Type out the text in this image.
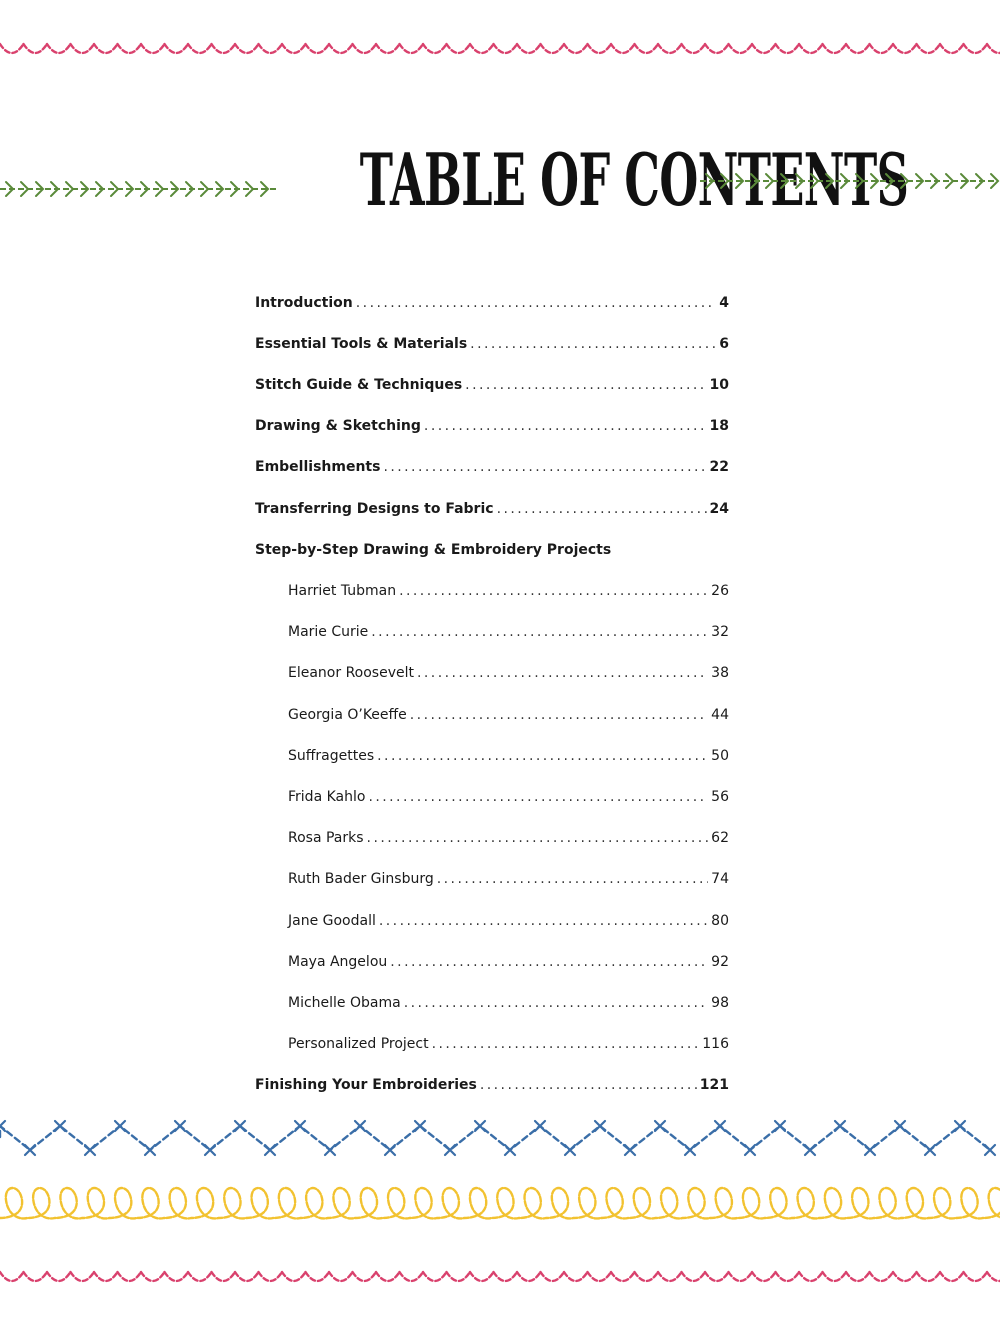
TABLE OF CONTENTS
Introduction . . .	4
Essential Tools & Materials . . .	6
Stitch Guide & Techniques . . .	10
Drawing & Sketching . . .	18
Embellishments . . .	22
Transferring Designs to Fabric . . .	24
Step-by-Step Drawing & Embroidery Projects
Harriet Tubman . . .	26
Marie Curie . . .	32
Eleanor Roosevelt . . .	38
Georgia O’Keeffe . . .	44
Suffragettes . . .	50
Frida Kahlo . . .	56
Rosa Parks . . .	62
Ruth Bader Ginsburg . . .	74
Jane Goodall . . .	80
Maya Angelou . . .	92
Michelle Obama . . .	98
Personalized Project . . .	116
Finishing Your Embroideries . . .	121
